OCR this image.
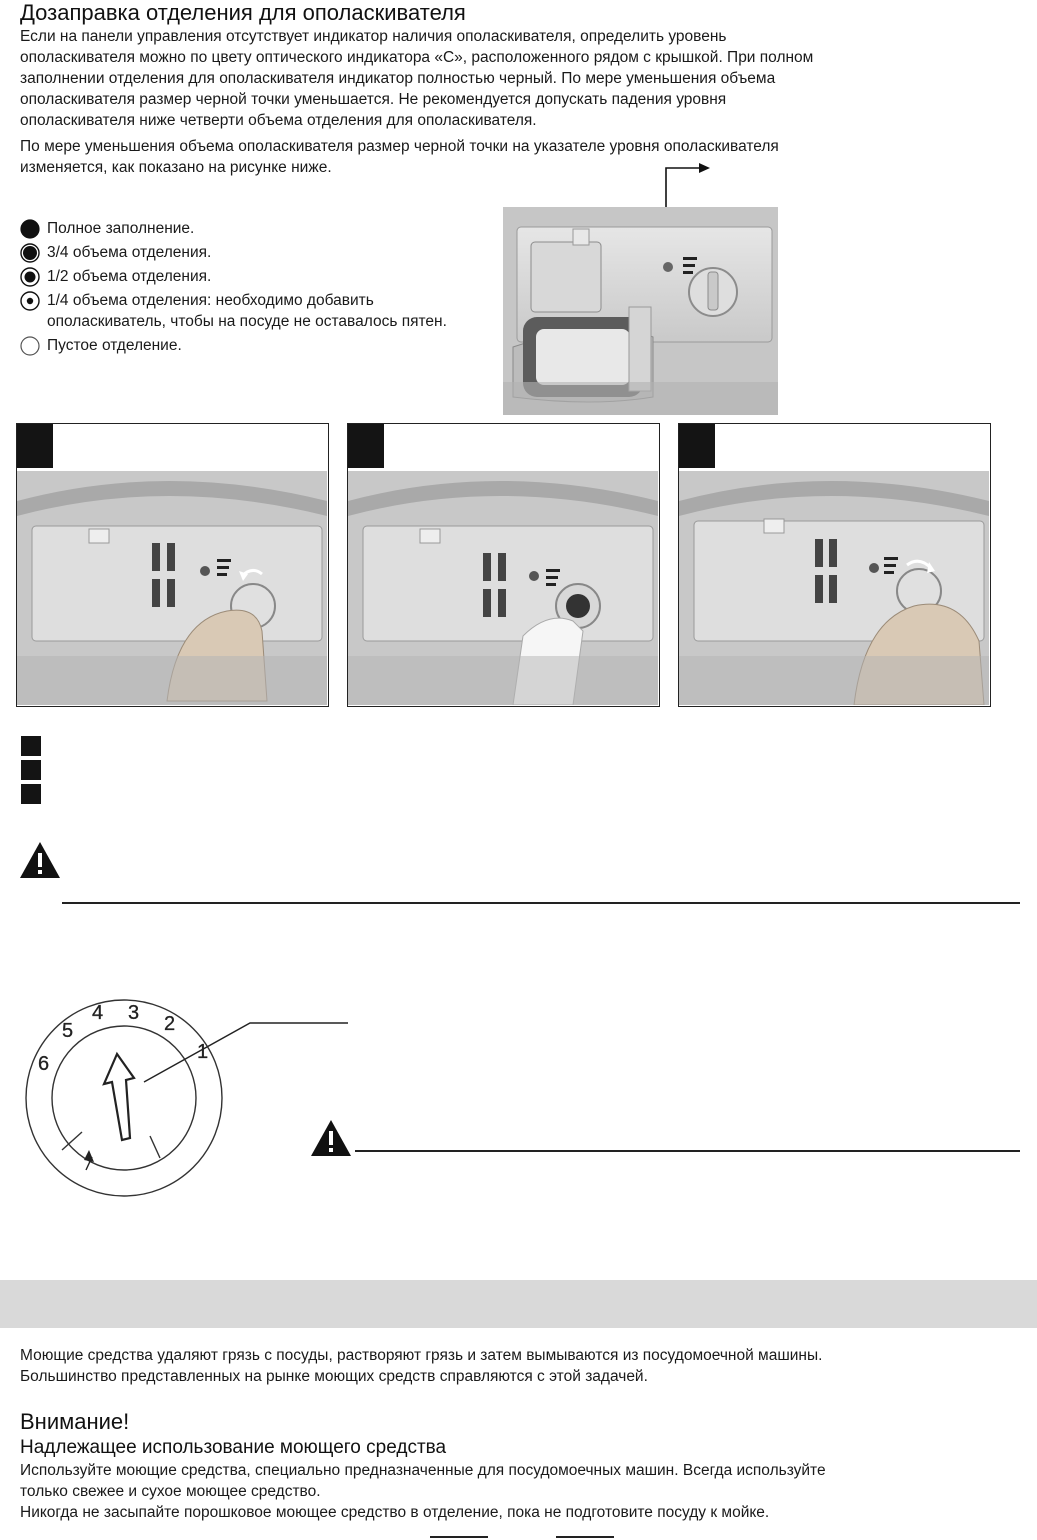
Дозаправка отделения для ополаскивателя

Если на панели управления отсутствует индикатор наличия ополаскивателя, определить уровень

ополаскивателя можно по цвету оптического индикатора «С», расположенного рядом с крышкой. При полном

заполнении отделения для ополаскивателя индикатор полностью черный. По мере уменьшения объема

ополаскивателя размер черной точки уменьшается. Не рекомендуется допускать падения уровня

ополаскивателя ниже четверти объема отделения для ополаскивателя.

По мере уменьшения объема ополаскивателя размер черной точки на указателе уровня ополаскивателя

изменяется, как показано на рисунке ниже.

Полное заполнение.
3/4 объема отделения.
1/2 объема отделения.
1/4 объема отделения: необходимо добавить ополаскиватель, чтобы на посуде не оставалось пятен.
Пустое отделение.
1
2
3
4
5
6

Моющие средства удаляют грязь с посуды, растворяют грязь и затем вымываются из посудомоечной машины.

Большинство представленных на рынке моющих средств справляются с этой задачей.

Внимание!
Надлежащее использование моющего средства

Используйте моющие средства, специально предназначенные для посудомоечных машин. Всегда используйте

только свежее и сухое моющее средство.

Никогда не засыпайте порошковое моющее средство в отделение, пока не подготовите посуду к мойке.
